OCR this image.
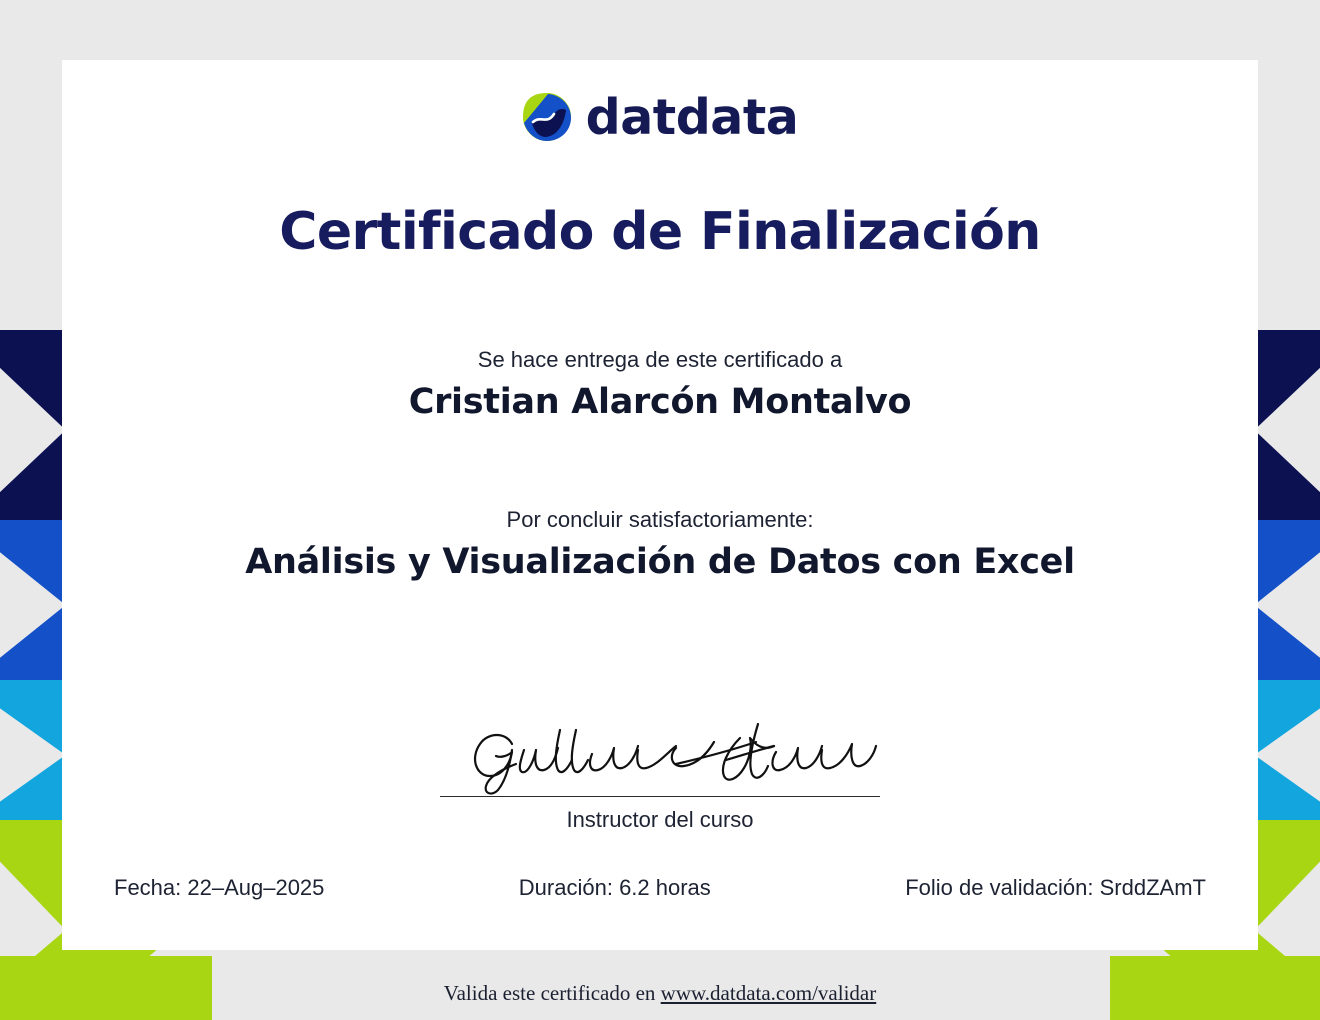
datdata
Certificado de Finalización
Se hace entrega de este certificado a
Cristian Alarcón Montalvo
Por concluir satisfactoriamente:
Análisis y Visualización de Datos con Excel
Instructor del curso
Fecha: 22–Aug–2025	Duración: 6.2 horas	Folio de validación: SrddZAmT
Valida este certificado en www.datdata.com/validar
